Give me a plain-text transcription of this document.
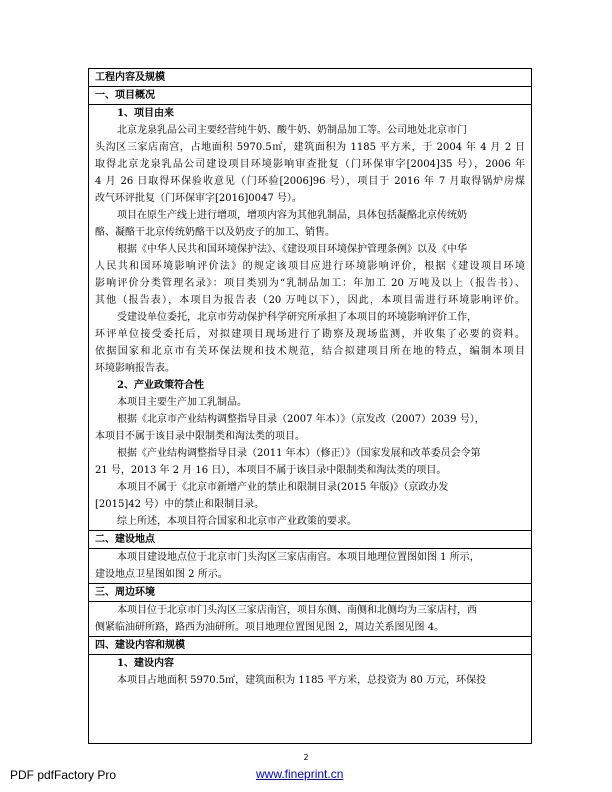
工程内容及规模
一、项目概况
1、项目由来
北京龙泉乳品公司主要经营纯牛奶、酸牛奶、奶制品加工等。公司地处北京市门
头沟区三家店南宫，占地面积 5970.5㎡，建筑面积为 1185 平方米，于 2004 年 4 月 2 日
取得北京龙泉乳品公司建设项目环境影响审查批复（门环保审字[2004]35 号），2006 年
4 月 26 日取得环保验收意见（门环验[2006]96 号），项目于 2016 年 7 月取得锅炉房煤
改气环评批复（门环保审字[2016]0047 号）。
项目在原生产线上进行增项，增项内容为其他乳制品，具体包括凝酪北京传统奶
酪、凝酪干北京传统奶酪干以及奶皮子的加工、销售。
根据《中华人民共和国环境保护法》、《建设项目环境保护管理条例》以及《中华
人民共和国环境影响评价法》的规定该项目应进行环境影响评价，根据《建设项目环境
影响评价分类管理名录》：项目类别为“乳制品加工：年加工 20 万吨及以上（报告书）、
其他（报告表），本项目为报告表（20 万吨以下），因此，本项目需进行环境影响评价。
受建设单位委托，北京市劳动保护科学研究所承担了本项目的环境影响评价工作，
环评单位接受委托后，对拟建项目现场进行了勘察及现场监测，并收集了必要的资料。
依据国家和北京市有关环保法规和技术规范，结合拟建项目所在地的特点，编制本项目
环境影响报告表。
2、产业政策符合性
本项目主要生产加工乳制品。
根据《北京市产业结构调整指导目录（2007 年本）》（京发改（2007）2039 号），
本项目不属于该目录中限制类和淘汰类的项目。
根据《产业结构调整指导目录（2011 年本）（修正）》（国家发展和改革委员会令第
21 号，2013 年 2 月 16 日），本项目不属于该目录中限制类和淘汰类的项目。
本项目不属于《北京市新增产业的禁止和限制目录(2015 年版)》（京政办发
[2015]42 号）中的禁止和限制目录。
综上所述，本项目符合国家和北京市产业政策的要求。
二、建设地点
本项目建设地点位于北京市门头沟区三家店南宫。本项目地理位置图如图 1 所示，
建设地点卫星图如图 2 所示。
三、周边环境
本项目位于北京市门头沟区三家店南宫，项目东侧、南侧和北侧均为三家店村，西
侧紧临油研所路，路西为油研所。项目地理位置图见图 2，周边关系图见图 4。
四、建设内容和规模
1、建设内容
本项目占地面积 5970.5㎡，建筑面积为 1185 平方米，总投资为 80 万元，环保投
2
PDF pdfFactory Pro	www.fineprint.cn
